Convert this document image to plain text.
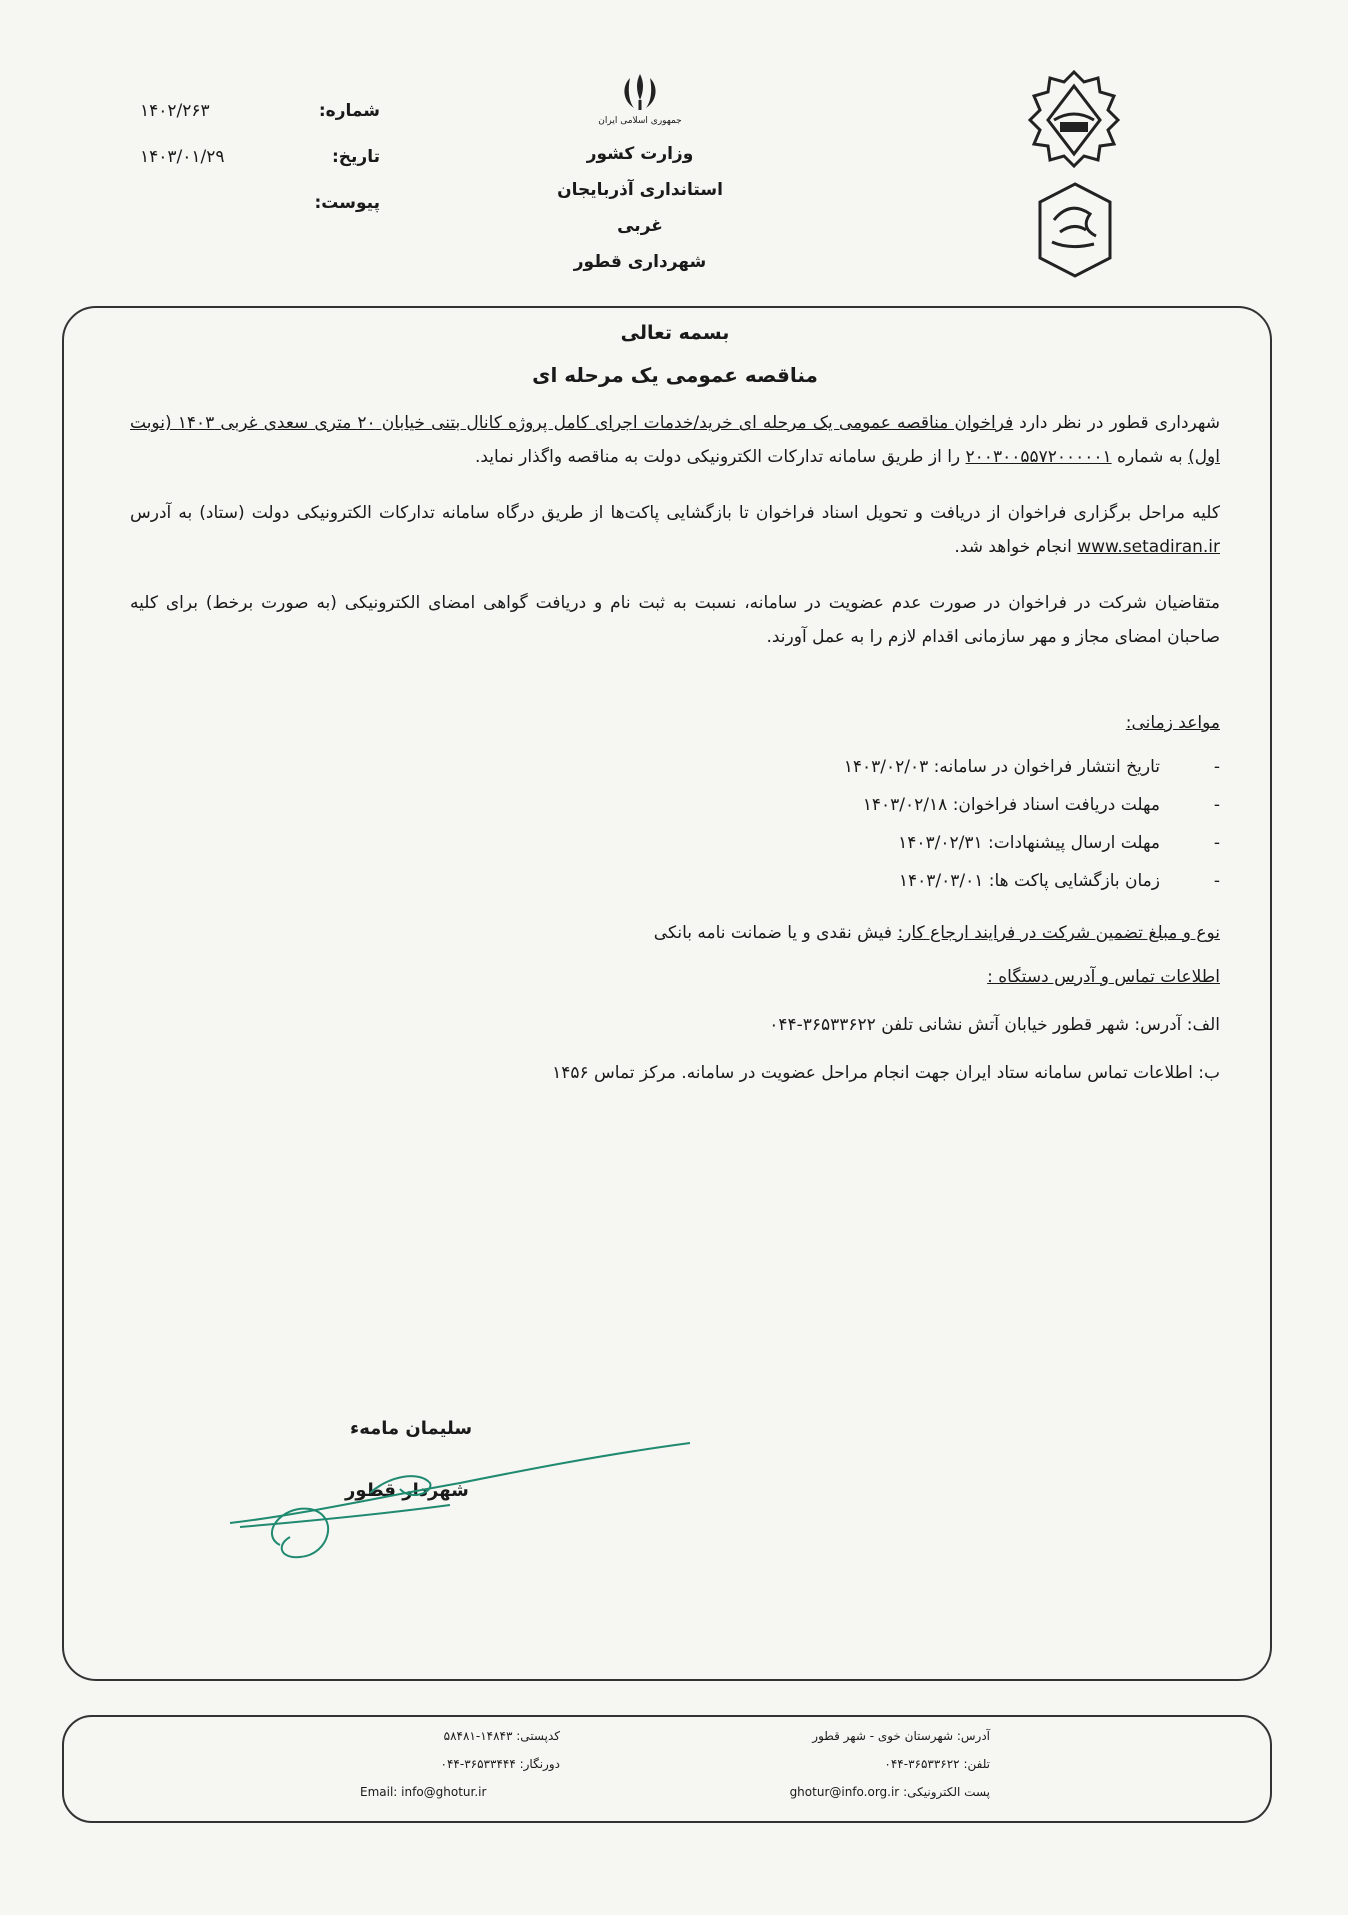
شماره:
۱۴۰۲/۲۶۳
تاریخ:
۱۴۰۳/۰۱/۲۹
پیوست:
جمهوری اسلامی ایران
وزارت کشور
استانداری آذربایجان غربی
شهرداری قطور
بسمه تعالی
مناقصه عمومی یک مرحله ای

شهرداری قطور در نظر دارد فراخوان مناقصه عمومی یک مرحله ای خرید/خدمات اجرای کامل پروژه کانال بتنی خیابان ۲۰ متری سعدی غربی ۱۴۰۳ (نوبت اول) به شماره ۲۰۰۳۰۰۵۵۷۲۰۰۰۰۰۱ را از طریق سامانه تدارکات الکترونیکی دولت به مناقصه واگذار نماید.

کلیه مراحل برگزاری فراخوان از دریافت و تحویل اسناد فراخوان تا بازگشایی پاکت‌ها از طریق درگاه سامانه تدارکات الکترونیکی دولت (ستاد) به آدرس www.setadiran.ir انجام خواهد شد.

متقاضیان شرکت در فراخوان در صورت عدم عضویت در سامانه، نسبت به ثبت نام و دریافت گواهی امضای الکترونیکی (به صورت برخط) برای کلیه صاحبان امضای مجاز و مهر سازمانی اقدام لازم را به عمل آورند.

مواعد زمانی:
-
تاریخ انتشار فراخوان در سامانه: ۱۴۰۳/۰۲/۰۳
-
مهلت دریافت اسناد فراخوان: ۱۴۰۳/۰۲/۱۸
-
مهلت ارسال پیشنهادات: ۱۴۰۳/۰۲/۳۱
-
زمان بازگشایی پاکت ها: ۱۴۰۳/۰۳/۰۱
نوع و مبلغ تضمین شرکت در فرایند ارجاع کار: فیش نقدی و یا ضمانت نامه بانکی
اطلاعات تماس و آدرس دستگاه :
الف: آدرس: شهر قطور خیابان آتش نشانی تلفن ۳۶۵۳۳۶۲۲-۰۴۴
ب: اطلاعات تماس سامانه ستاد ایران جهت انجام مراحل عضویت در سامانه. مرکز تماس ۱۴۵۶
سلیمان مامه‌ء
شهردار قطور
آدرس: شهرستان خوی - شهر قطور
تلفن: ۳۶۵۳۳۶۲۲-۰۴۴
پست الکترونیکی: ghotur@info.org.ir
کدپستی: ۱۴۸۴۳-۵۸۴۸۱
دورنگار: ۳۶۵۳۳۴۴۴-۰۴۴
Email: info@ghotur.ir
